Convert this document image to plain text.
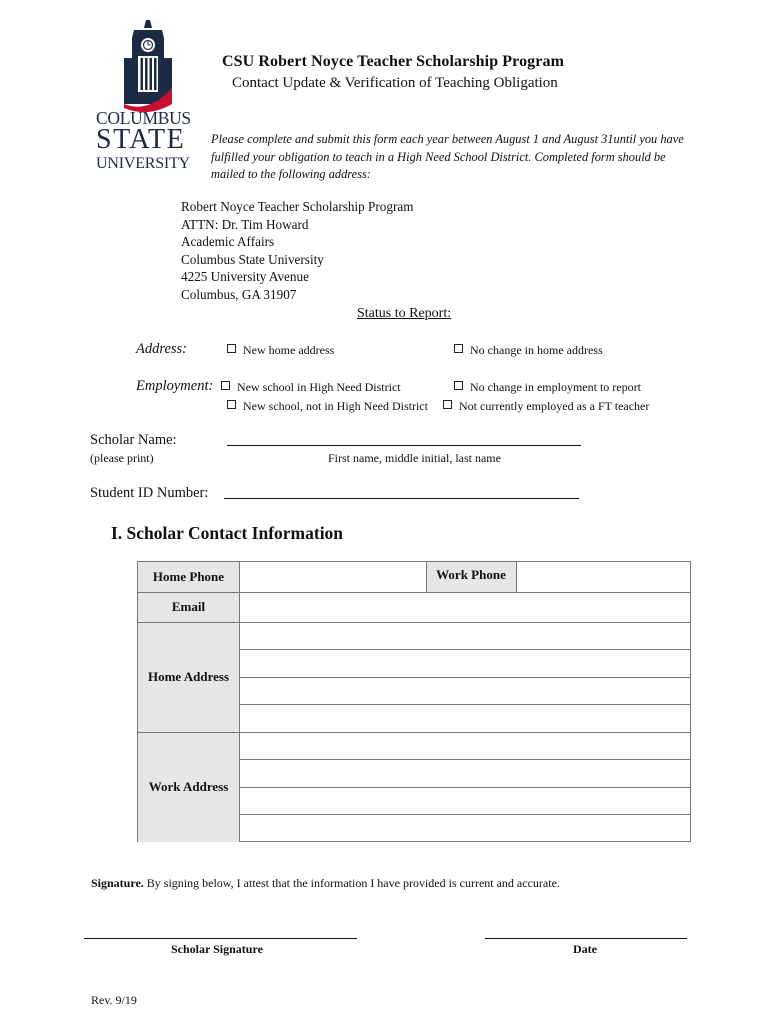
TM
COLUMBUS
STATE
UNIVERSITY
CSU Robert Noyce Teacher Scholarship Program
Contact Update & Verification of Teaching Obligation
Please complete and submit this form each year between August 1 and August 31until you have fulfilled your obligation to teach in a High Need School District. Completed form should be mailed to the following address:
Robert Noyce Teacher Scholarship Program
ATTN: Dr. Tim Howard
Academic Affairs
Columbus State University
4225 University Avenue
Columbus, GA 31907
Status to Report:
Address:	New home address	No change in home address
Employment:	New school in High Need District	No change in employment to report
New school, not in High Need District	Not currently employed as a FT teacher
Scholar Name:
(please print)	First name, middle initial, last name
Student ID Number:
I. Scholar Contact Information
Home Phone	Work Phone
Email
Home Address
Work Address
Signature. By signing below, I attest that the information I have provided is current and accurate.
Scholar Signature	Date
Rev. 9/19
